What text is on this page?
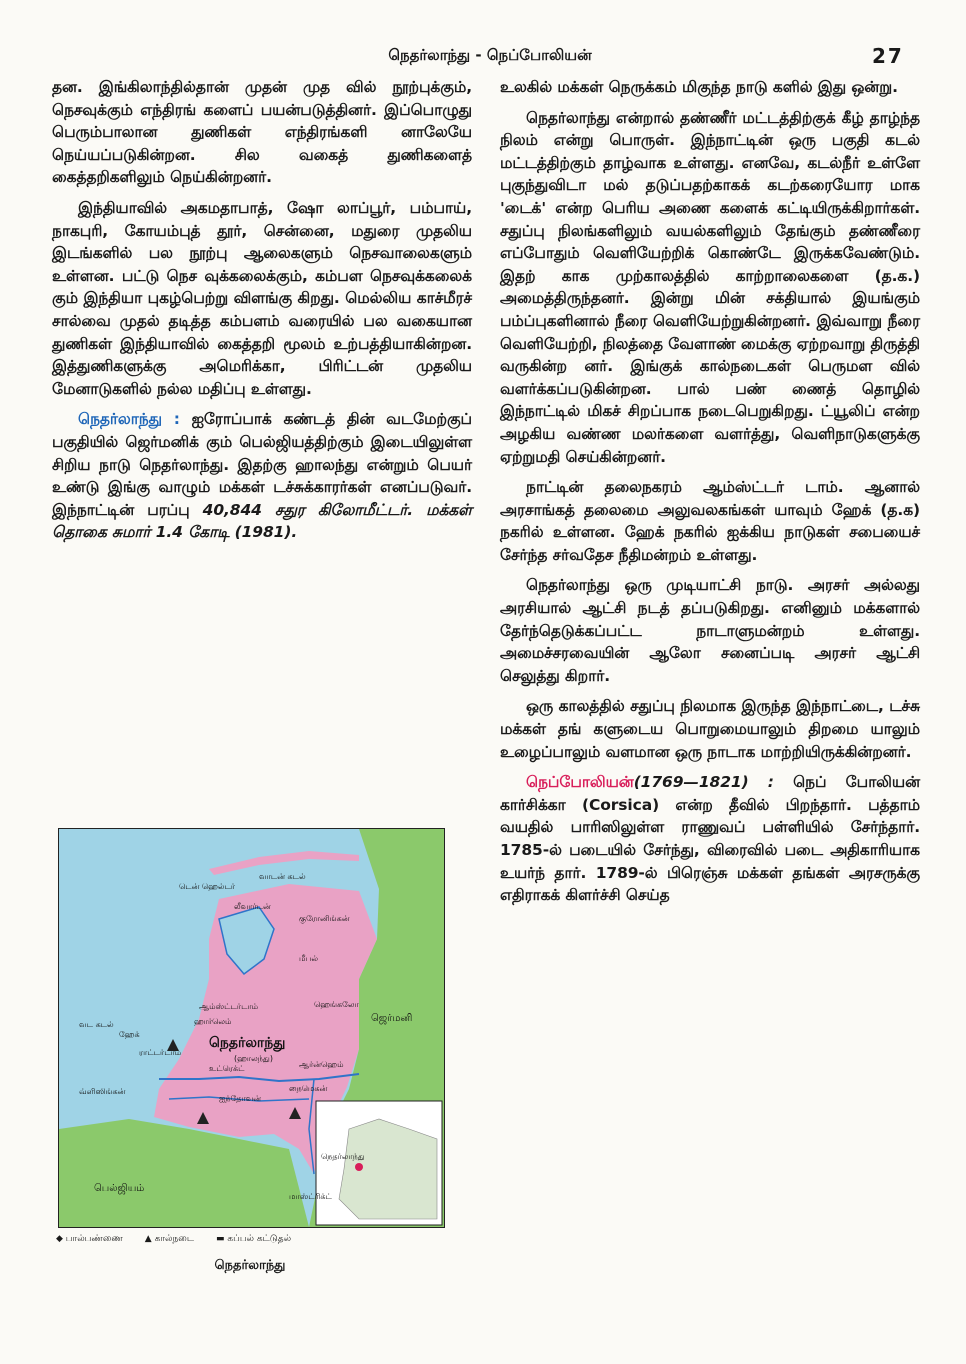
நெதர்லாந்து - நெப்போலியன்	27

தன. இங்கிலாந்தில்தான் முதன் முத வில் நூற்புக்கும், நெசவுக்கும் எந்திரங் களைப் பயன்படுத்தினர். இப்பொழுது பெரும்பாலான துணிகள் எந்திரங்களி னாலேயே நெய்யப்படுகின்றன. சில வகைத் துணிகளைத் கைத்தறிகளிலும் நெய்கின்றனர்.

இந்தியாவில் அகமதாபாத், ஷோ லாப்பூர், பம்பாய், நாகபுரி, கோயம்புத் தூர், சென்னை, மதுரை முதலிய இடங்களில் பல நூற்பு ஆலைகளும் நெசவாலைகளும் உள்ளன. பட்டு நெச வுக்கலைக்கும், கம்பள நெசவுக்கலைக் கும் இந்தியா புகழ்பெற்று விளங்கு கிறது. மெல்லிய காச்மீரச் சால்வை முதல் தடித்த கம்பளம் வரையில் பல வகையான துணிகள் இந்தியாவில் கைத்தறி மூலம் உற்பத்தியாகின்றன. இத்துணிகளுக்கு அமெரிக்கா, பிரிட்டன் முதலிய மேனாடுகளில் நல்ல மதிப்பு உள்ளது.

நெதர்லாந்து : ஐரோப்பாக் கண்டத் தின் வடமேற்குப் பகுதியில் ஜெர்மனிக் கும் பெல்ஜியத்திற்கும் இடையிலுள்ள சிறிய நாடு நெதர்லாந்து. இதற்கு ஹாலந்து என்றும் பெயர் உண்டு இங்கு வாழும் மக்கள் டச்சுக்காரர்கள் எனப்படுவர். இந்நாட்டின் பரப்பு 40,844 சதுர கிலோமீட்டர். மக்கள் தொகை சுமார் 1.4 கோடி (1981).

வட கடல்
ஜெர்மனி
பெல்ஜியம்
நெதர்லாந்து
(ஹாலந்து)
ஆம்ஸ்ட்டர்டாம்
ஹேக்
ராட்டர்டாம்
குரோனிங்கன்
ஆர்ன்ஹெம்
உட்ரெக்ட்
ஹார்லெம்
மீபல்
லீவார்டன்
ஐந்தோவன்
டென் ஹெல்டர்
மாஸ்ட்ரிக்ட்
நைமெகன்
ஹெங்கலோ
வ்ளிஸிங்கன்
வாடன் கடல்
நெதர்லாந்து
◆ பால்பண்ணை ▲ கால்நடை ▬ கப்பல் கட்டுதல்
நெதர்லாந்து

உலகில் மக்கள் நெருக்கம் மிகுந்த நாடு களில் இது ஒன்று.

நெதர்லாந்து என்றால் தண்ணீர் மட்டத்திற்குக் கீழ் தாழ்ந்த நிலம் என்று பொருள். இந்நாட்டின் ஒரு பகுதி கடல் மட்டத்திற்கும் தாழ்வாக உள்ளது. எனவே, கடல்நீர் உள்ளே புகுந்துவிடா மல் தடுப்பதற்காகக் கடற்கரையோர மாக 'டைக்' என்ற பெரிய அணை களைக் கட்டியிருக்கிறார்கள். சதுப்பு நிலங்களிலும் வயல்களிலும் தேங்கும் தண்ணீரை எப்போதும் வெளியேற்றிக் கொண்டே இருக்கவேண்டும். இதற் காக முற்காலத்தில் காற்றாலைகளை (த.க.) அமைத்திருந்தனர். இன்று மின் சக்தியால் இயங்கும் பம்ப்புகளினால் நீரை வெளியேற்றுகின்றனர். இவ்வாறு நீரை வெளியேற்றி, நிலத்தை வேளாண் மைக்கு ஏற்றவாறு திருத்தி வருகின்ற னர். இங்குக் கால்நடைகள் பெருமள வில் வளர்க்கப்படுகின்றன. பால் பண் ணைத் தொழில் இந்நாட்டில் மிகச் சிறப்பாக நடைபெறுகிறது. ட்யூலிப் என்ற அழகிய வண்ண மலர்களை வளர்த்து, வெளிநாடுகளுக்கு ஏற்றுமதி செய்கின்றனர்.

நாட்டின் தலைநகரம் ஆம்ஸ்ட்டர் டாம். ஆனால் அரசாங்கத் தலைமை அலுவலகங்கள் யாவும் ஹேக் (த.க) நகரில் உள்ளன. ஹேக் நகரில் ஐக்கிய நாடுகள் சபையைச் சேர்ந்த சர்வதேச நீதிமன்றம் உள்ளது.

நெதர்லாந்து ஒரு முடியாட்சி நாடு. அரசர் அல்லது அரசியால் ஆட்சி நடத் தப்படுகிறது. எனினும் மக்களால் தேர்ந்தெடுக்கப்பட்ட நாடாளுமன்றம் உள்ளது. அமைச்சரவையின் ஆலோ சனைப்படி அரசர் ஆட்சி செலுத்து கிறார்.

ஒரு காலத்தில் சதுப்பு நிலமாக இருந்த இந்நாட்டை, டச்சு மக்கள் தங் களுடைய பொறுமையாலும் திறமை யாலும் உழைப்பாலும் வளமான ஒரு நாடாக மாற்றியிருக்கின்றனர்.

நெப்போலியன்(1769—1821) : நெப் போலியன் கார்சிக்கா (Corsica) என்ற தீவில் பிறந்தார். பத்தாம் வயதில் பாரிஸிலுள்ள ராணுவப் பள்ளியில் சேர்ந்தார். 1785-ல் படையில் சேர்ந்து, விரைவில் படை அதிகாரியாக உயர்ந் தார். 1789-ல் பிரெஞ்சு மக்கள் தங்கள் அரசருக்கு எதிராகக் கிளர்ச்சி செய்த
